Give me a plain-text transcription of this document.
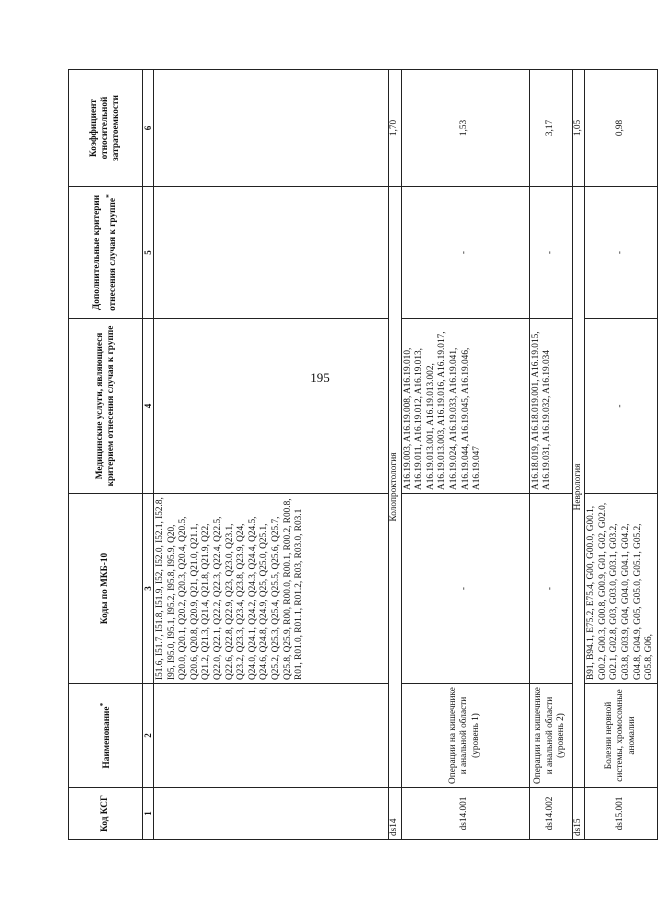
195
Код КСГ	Наименование*	Коды по МКБ-10	Медицинские услуги, являющиеся критерием отнесения случая к группе	Дополнительные критерии отнесения случая к группе*	Коэффициент относительной затратоемкости
1	2	3	4	5	6
		I51.6, I51.7, I51.8, I51.9, I52, I52.0, I52.1, I52.8, I95, I95.0, I95.1, I95.2, I95.8, I95.9, Q20, Q20.0, Q20.1, Q20.2, Q20.3, Q20.4, Q20.5, Q20.6, Q20.8, Q20.9, Q21, Q21.0, Q21.1, Q21.2, Q21.3, Q21.4, Q21.8, Q21.9, Q22, Q22.0, Q22.1, Q22.2, Q22.3, Q22.4, Q22.5, Q22.6, Q22.8, Q22.9, Q23, Q23.0, Q23.1, Q23.2, Q23.3, Q23.4, Q23.8, Q23.9, Q24, Q24.0, Q24.1, Q24.2, Q24.3, Q24.4, Q24.5, Q24.6, Q24.8, Q24.9, Q25, Q25.0, Q25.1, Q25.2, Q25.3, Q25.4, Q25.5, Q25.6, Q25.7, Q25.8, Q25.9, R00, R00.0, R00.1, R00.2, R00.8, R01, R01.0, R01.1, R01.2, R03, R03.0, R03.1			
ds14	Колопроктология				1,70
ds14.001	Операции на кишечнике и анальной области (уровень 1)	-	A16.19.003, A16.19.008, A16.19.010, A16.19.011, A16.19.012, A16.19.013, A16.19.013.001, A16.19.013.002, A16.19.013.003, A16.19.016, A16.19.017, A16.19.024, A16.19.033, A16.19.041, A16.19.044, A16.19.045, A16.19.046, A16.19.047	-	1,53
ds14.002	Операции на кишечнике и анальной области (уровень 2)	-	A16.18.019, A16.18.019.001, A16.19.015, A16.19.031, A16.19.032, A16.19.034	-	3,17
ds15	Неврология				1,05
ds15.001	Болезни нервной системы, хромосомные аномалии	B91, B94.1, E75.2, E75.4, G00, G00.0, G00.1, G00.2, G00.3, G00.8, G00.9, G01, G02, G02.0, G02.1, G02.8, G03, G03.0, G03.1, G03.2, G03.8, G03.9, G04, G04.0, G04.1, G04.2, G04.8, G04.9, G05, G05.0, G05.1, G05.2, G05.8, G06,	-	-	0,98
